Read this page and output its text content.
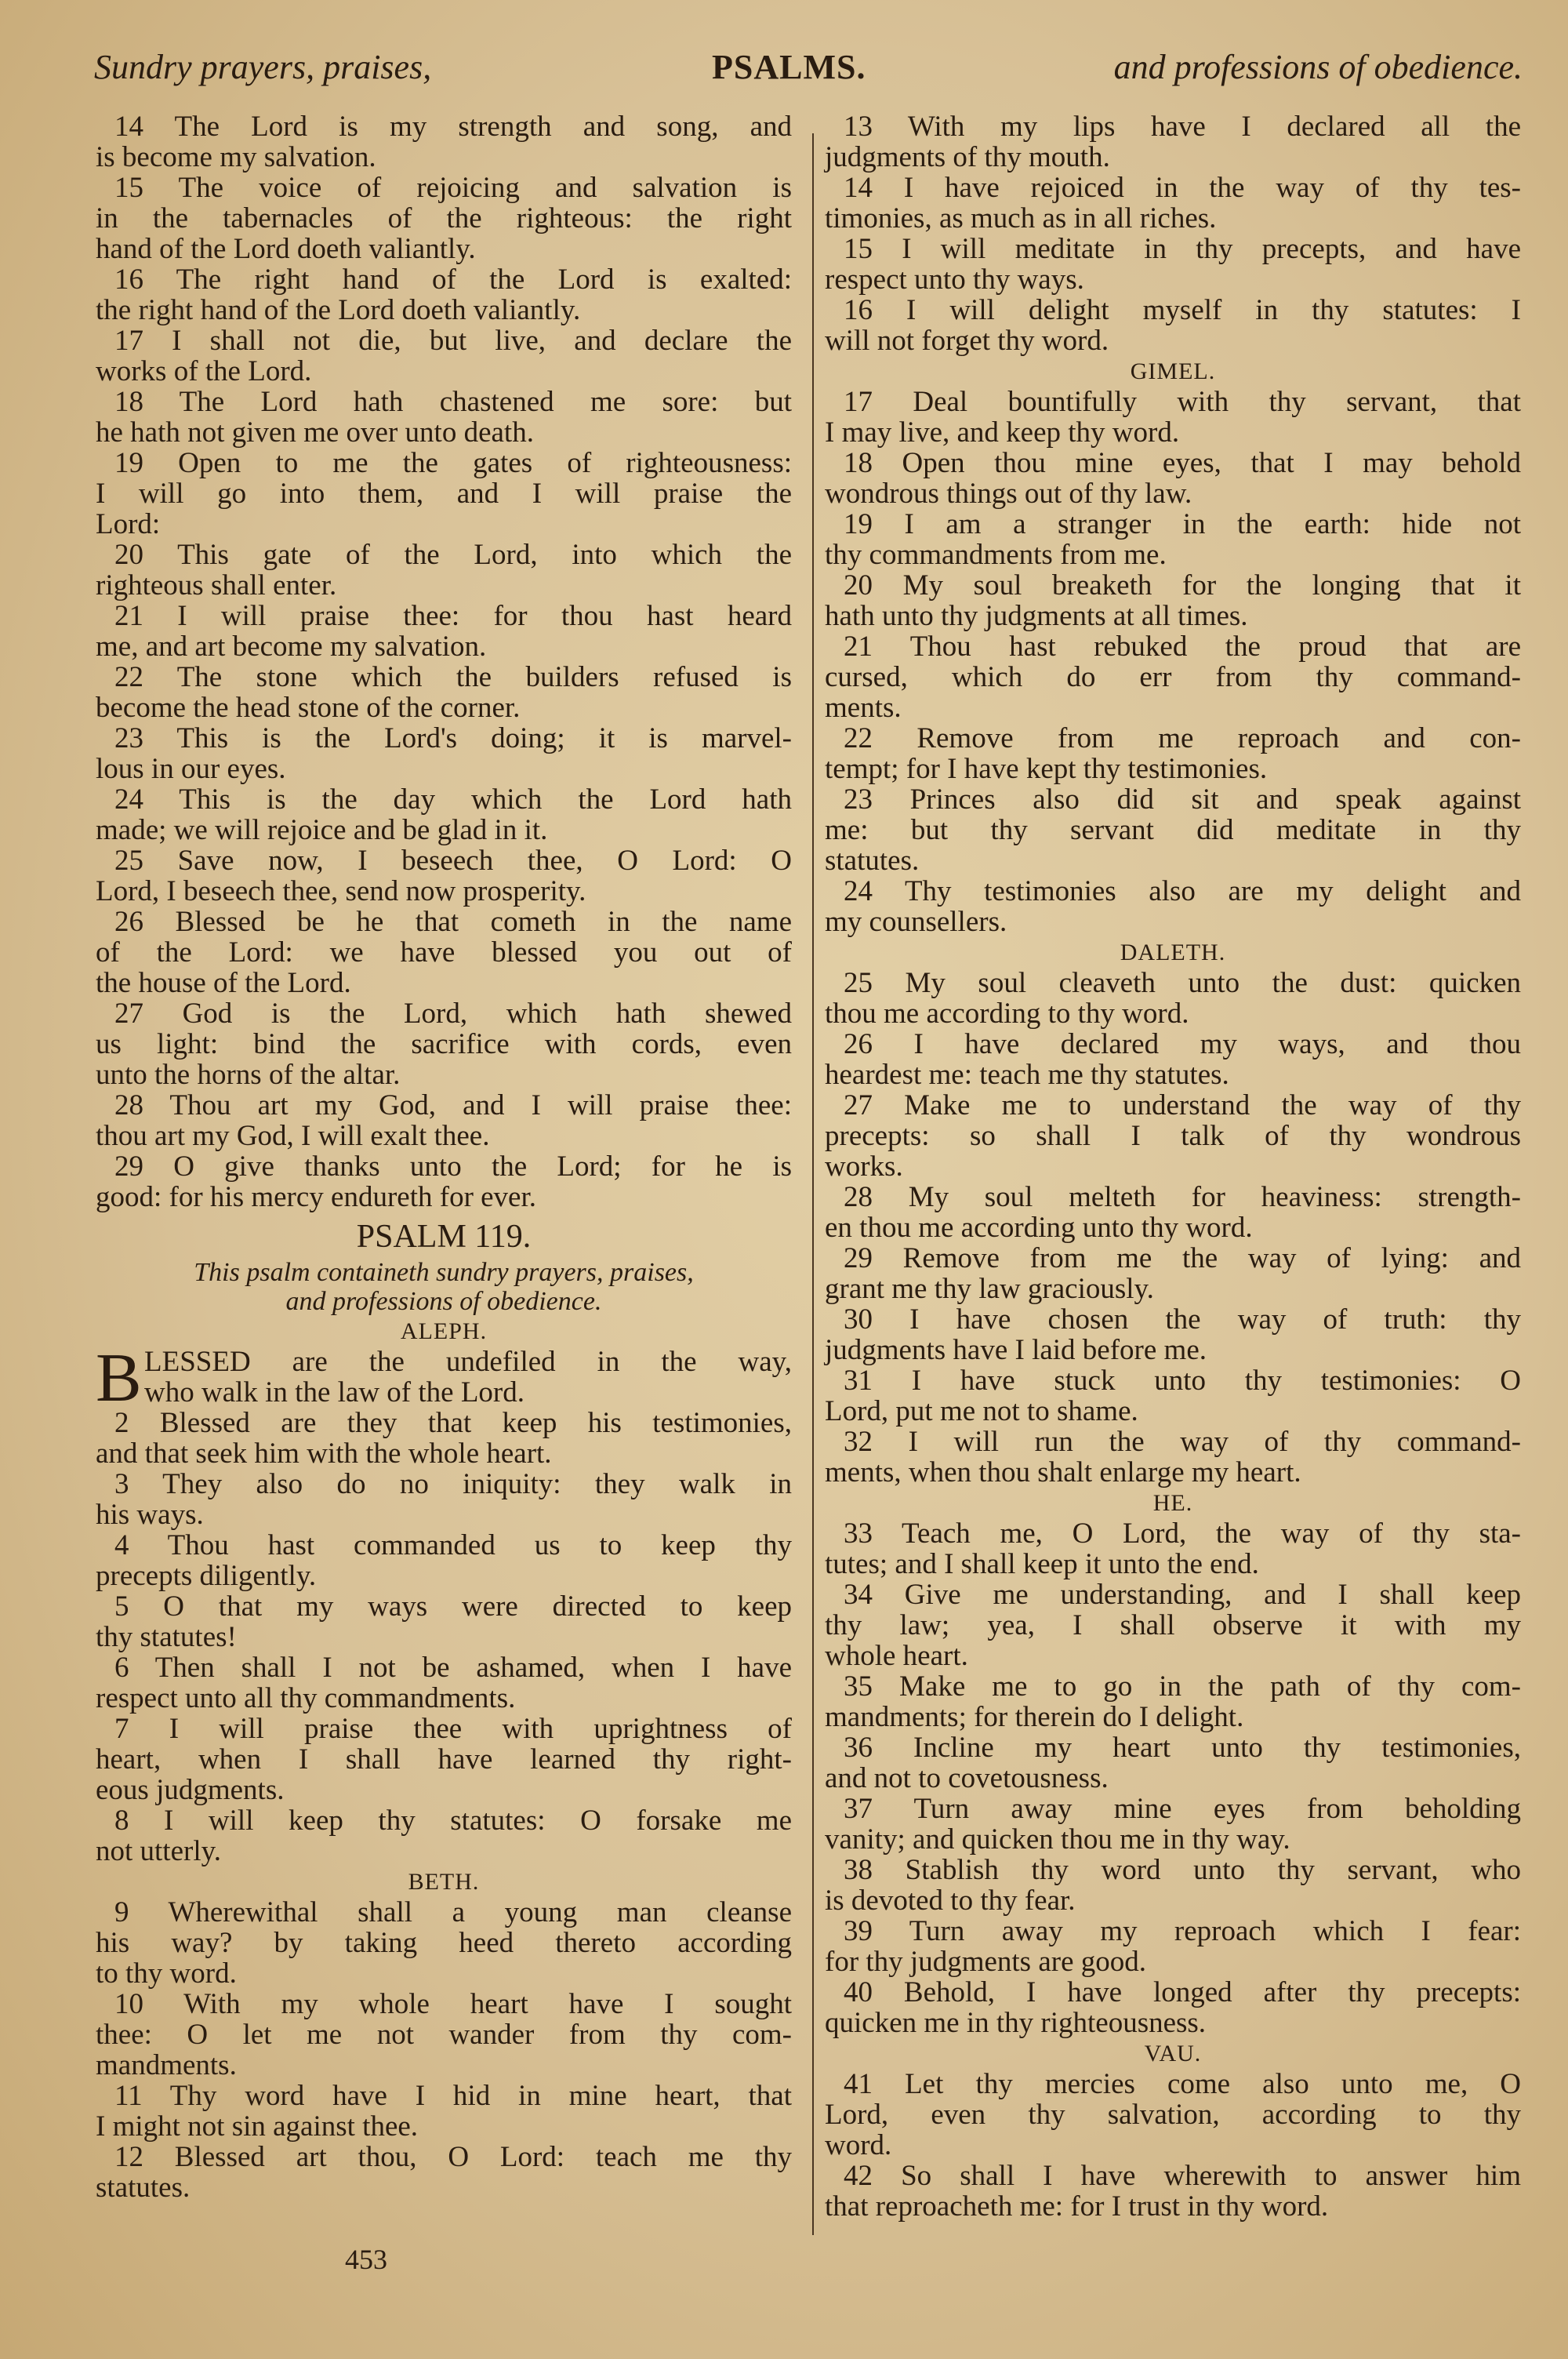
Sundry prayers, praises,	PSALMS.	and professions of obedience.
14 The Lord is my strength and song, and
is become my salvation.
15 The voice of rejoicing and salvation is
in the tabernacles of the righteous: the right
hand of the Lord doeth valiantly.
16 The right hand of the Lord is exalted:
the right hand of the Lord doeth valiantly.
17 I shall not die, but live, and declare the
works of the Lord.
18 The Lord hath chastened me sore: but
he hath not given me over unto death.
19 Open to me the gates of righteousness:
I will go into them, and I will praise the
Lord:
20 This gate of the Lord, into which the
righteous shall enter.
21 I will praise thee: for thou hast heard
me, and art become my salvation.
22 The stone which the builders refused is
become the head stone of the corner.
23 This is the Lord's doing; it is marvel-
lous in our eyes.
24 This is the day which the Lord hath
made; we will rejoice and be glad in it.
25 Save now, I beseech thee, O Lord: O
Lord, I beseech thee, send now prosperity.
26 Blessed be he that cometh in the name
of the Lord: we have blessed you out of
the house of the Lord.
27 God is the Lord, which hath shewed
us light: bind the sacrifice with cords, even
unto the horns of the altar.
28 Thou art my God, and I will praise thee:
thou art my God, I will exalt thee.
29 O give thanks unto the Lord; for he is
good: for his mercy endureth for ever.
PSALM 119.
This psalm containeth sundry prayers, praises,
and professions of obedience.
ALEPH.
B LESSED are the undefiled in the way,
who walk in the law of the Lord.
2 Blessed are they that keep his testimonies,
and that seek him with the whole heart.
3 They also do no iniquity: they walk in
his ways.
4 Thou hast commanded us to keep thy
precepts diligently.
5 O that my ways were directed to keep
thy statutes!
6 Then shall I not be ashamed, when I have
respect unto all thy commandments.
7 I will praise thee with uprightness of
heart, when I shall have learned thy right-
eous judgments.
8 I will keep thy statutes: O forsake me
not utterly.
BETH.
9 Wherewithal shall a young man cleanse
his way? by taking heed thereto according
to thy word.
10 With my whole heart have I sought
thee: O let me not wander from thy com-
mandments.
11 Thy word have I hid in mine heart, that
I might not sin against thee.
12 Blessed art thou, O Lord: teach me thy
statutes.
13 With my lips have I declared all the
judgments of thy mouth.
14 I have rejoiced in the way of thy tes-
timonies, as much as in all riches.
15 I will meditate in thy precepts, and have
respect unto thy ways.
16 I will delight myself in thy statutes: I
will not forget thy word.
GIMEL.
17 Deal bountifully with thy servant, that
I may live, and keep thy word.
18 Open thou mine eyes, that I may behold
wondrous things out of thy law.
19 I am a stranger in the earth: hide not
thy commandments from me.
20 My soul breaketh for the longing that it
hath unto thy judgments at all times.
21 Thou hast rebuked the proud that are
cursed, which do err from thy command-
ments.
22 Remove from me reproach and con-
tempt; for I have kept thy testimonies.
23 Princes also did sit and speak against
me: but thy servant did meditate in thy
statutes.
24 Thy testimonies also are my delight and
my counsellers.
DALETH.
25 My soul cleaveth unto the dust: quicken
thou me according to thy word.
26 I have declared my ways, and thou
heardest me: teach me thy statutes.
27 Make me to understand the way of thy
precepts: so shall I talk of thy wondrous
works.
28 My soul melteth for heaviness: strength-
en thou me according unto thy word.
29 Remove from me the way of lying: and
grant me thy law graciously.
30 I have chosen the way of truth: thy
judgments have I laid before me.
31 I have stuck unto thy testimonies: O
Lord, put me not to shame.
32 I will run the way of thy command-
ments, when thou shalt enlarge my heart.
HE.
33 Teach me, O Lord, the way of thy sta-
tutes; and I shall keep it unto the end.
34 Give me understanding, and I shall keep
thy law; yea, I shall observe it with my
whole heart.
35 Make me to go in the path of thy com-
mandments; for therein do I delight.
36 Incline my heart unto thy testimonies,
and not to covetousness.
37 Turn away mine eyes from beholding
vanity; and quicken thou me in thy way.
38 Stablish thy word unto thy servant, who
is devoted to thy fear.
39 Turn away my reproach which I fear:
for thy judgments are good.
40 Behold, I have longed after thy precepts:
quicken me in thy righteousness.
VAU.
41 Let thy mercies come also unto me, O
Lord, even thy salvation, according to thy
word.
42 So shall I have wherewith to answer him
that reproacheth me: for I trust in thy word.
453
